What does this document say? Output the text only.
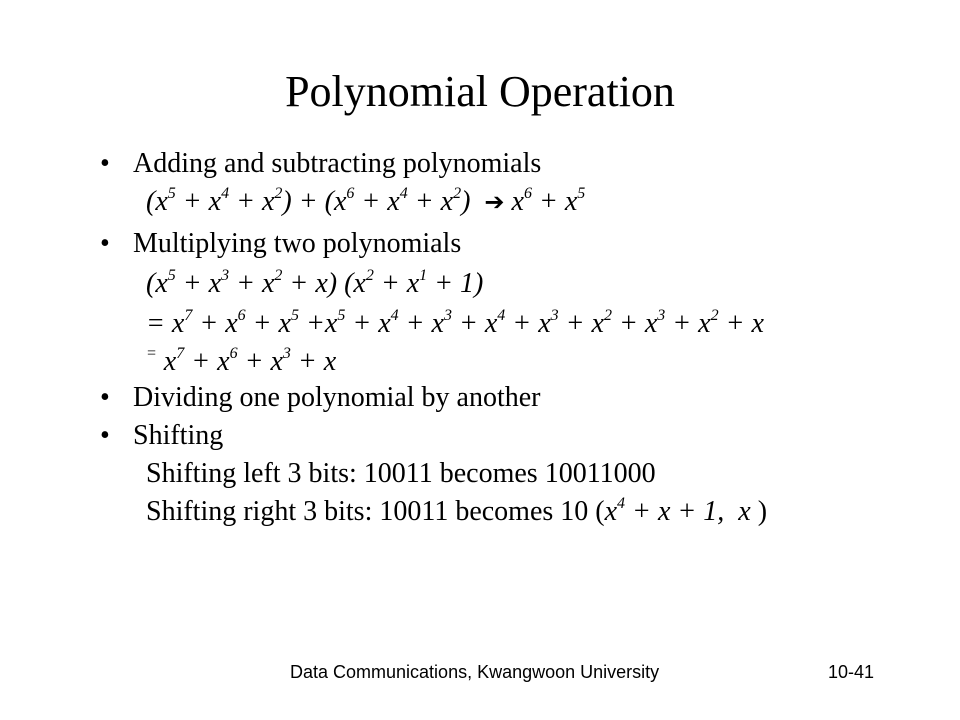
Polynomial Operation
• Adding and subtracting polynomials
$(x^5 + x^4 + x^2) + (x^6 + x^4 + x^2)$  ➔ $x^6 + x^5$
• Multiplying two polynomials
$(x^5 + x^3 + x^2 + x) (x^2 + x^1 + 1)$
= $x^7 + x^6 + x^5 +x^5 + x^4 + x^3 + x^4 + x^3 + x^2 + x^3 + x^2 + x$
= $x^7 + x^6 + x^3 + x$
• Dividing one polynomial by another
• Shifting
Shifting left 3 bits: 10011 becomes 10011000
Shifting right 3 bits: 10011 becomes 10 ($x^4 + x + 1$,  x )
Data Communications, Kwangwoon University	10-41
